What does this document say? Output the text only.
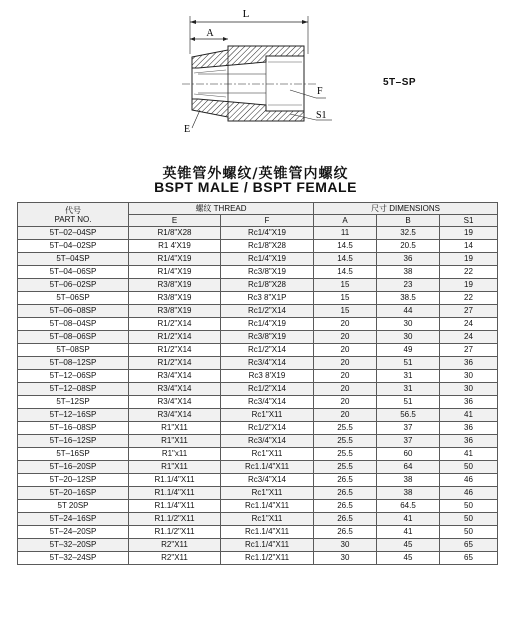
L
A
F
S1
E
5T–SP
英锥管外螺纹/英锥管内螺纹
BSPT MALE / BSPT FEMALE
代号
PART NO.	螺纹 THREAD		尺寸 DIMENSIONS		
	E	F	A	B	S1
5T–02–04SP	R1/8"X28	Rc1/4"X19	11	32.5	19
5T–04–02SP	R1 4'X19	Rc1/8"X28	14.5	20.5	14
5T–04SP	R1/4"X19	Rc1/4"X19	14.5	36	19
5T–04–06SP	R1/4"X19	Rc3/8"X19	14.5	38	22
5T–06–02SP	R3/8"X19	Rc1/8"X28	15	23	19
5T–06SP	R3/8"X19	Rc3 8"X1P	15	38.5	22
5T–06–08SP	R3/8"X19	Rc1/2"X14	15	44	27
5T–08–04SP	R1/2"X14	Rc1/4"X19	20	30	24
5T–08–06SP	R1/2"X14	Rc3/8"X19	20	30	24
5T–08SP	R1/2"X14	Rc1/2"X14	20	49	27
5T–08–12SP	R1/2"X14	Rc3/4"X14	20	51	36
5T–12–06SP	R3/4"X14	Rc3 8'X19	20	31	30
5T–12–08SP	R3/4"X14	Rc1/2"X14	20	31	30
5T–12SP	R3/4"X14	Rc3/4"X14	20	51	36
5T–12–16SP	R3/4"X14	Rc1"X11	20	56.5	41
5T–16–08SP	R1"X11	Rc1/2"X14	25.5	37	36
5T–16–12SP	R1"X11	Rc3/4"X14	25.5	37	36
5T–16SP	R1"x11	Rc1"X11	25.5	60	41
5T–16–20SP	R1"X11	Rc1.1/4"X11	25.5	64	50
5T–20–12SP	R1.1/4"X11	Rc3/4"X14	26.5	38	46
5T–20–16SP	R1.1/4"X11	Rc1"X11	26.5	38	46
5T 20SP	R1.1/4"X11	Rc1.1/4"X11	26.5	64.5	50
5T–24–16SP	R1.1/2"X11	Rc1"X11	26.5	41	50
5T–24–20SP	R1.1/2"X11	Rc1.1/4"X11	26.5	41	50
5T–32–20SP	R2"X11	Rc1.1/4"X11	30	45	65
5T–32–24SP	R2"X11	Rc1.1/2"X11	30	45	65
